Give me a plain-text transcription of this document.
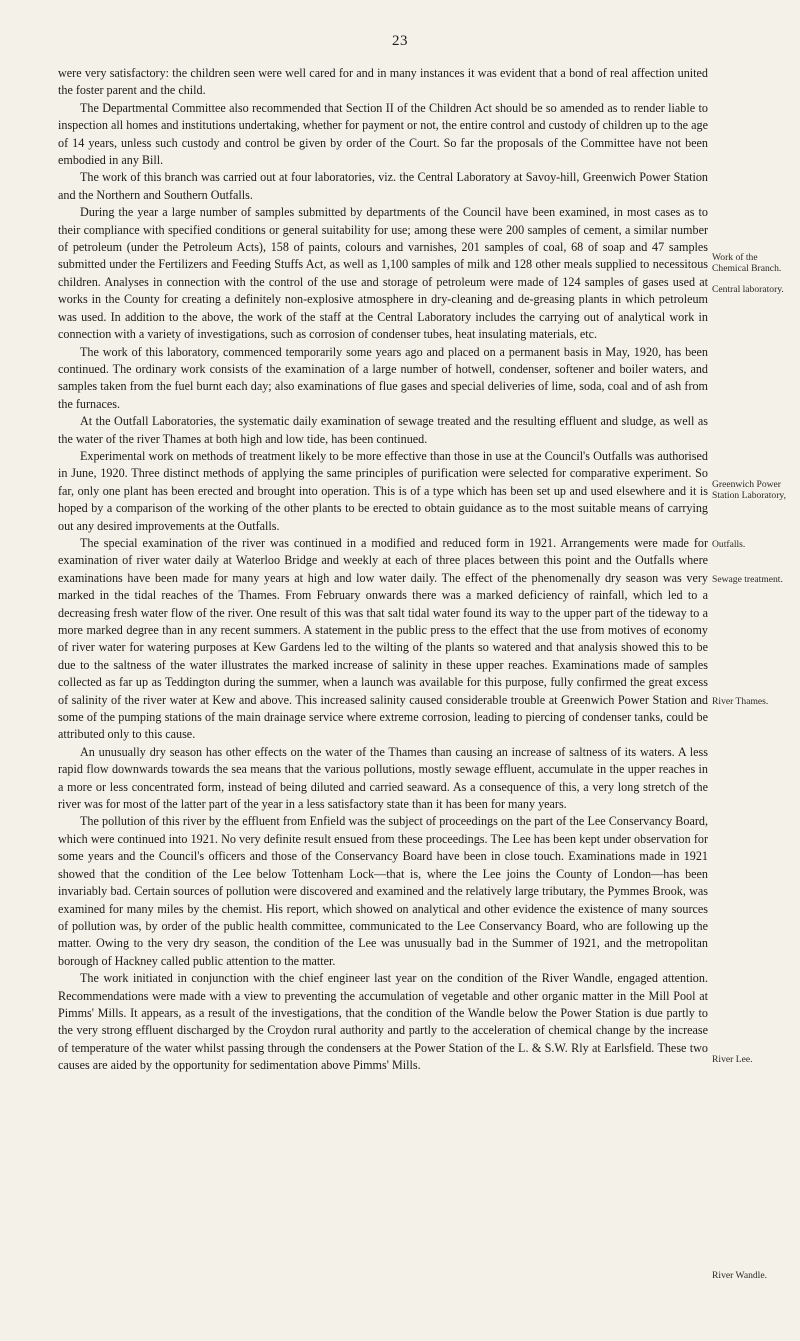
23

were very satisfactory: the children seen were well cared for and in many instances it was evident that a bond of real affection united the foster parent and the child.

The Departmental Committee also recommended that Section II of the Children Act should be so amended as to render liable to inspection all homes and institutions undertaking, whether for payment or not, the entire control and custody of children up to the age of 14 years, unless such custody and control be given by order of the Court. So far the proposals of the Committee have not been embodied in any Bill.

The work of this branch was carried out at four laboratories, viz. the Central Laboratory at Savoy-hill, Greenwich Power Station and the Northern and Southern Outfalls.

During the year a large number of samples submitted by departments of the Council have been examined, in most cases as to their compliance with specified conditions or general suitability for use; among these were 200 samples of cement, a similar number of petroleum (under the Petroleum Acts), 158 of paints, colours and varnishes, 201 samples of coal, 68 of soap and 47 samples submitted under the Fertilizers and Feeding Stuffs Act, as well as 1,100 samples of milk and 128 other meals supplied to necessitous children. Analyses in connection with the control of the use and storage of petroleum were made of 124 samples of gases used at works in the County for creating a definitely non-explosive atmosphere in dry-cleaning and de-greasing plants in which petroleum was used. In addition to the above, the work of the staff at the Central Laboratory includes the carrying out of analytical work in connection with a variety of investigations, such as corrosion of condenser tubes, heat insulating materials, etc.

The work of this laboratory, commenced temporarily some years ago and placed on a permanent basis in May, 1920, has been continued. The ordinary work consists of the examination of a large number of hotwell, condenser, softener and boiler waters, and samples taken from the fuel burnt each day; also examinations of flue gases and special deliveries of lime, soda, coal and of ash from the furnaces.

At the Outfall Laboratories, the systematic daily examination of sewage treated and the resulting effluent and sludge, as well as the water of the river Thames at both high and low tide, has been continued.

Experimental work on methods of treatment likely to be more effective than those in use at the Council's Outfalls was authorised in June, 1920. Three distinct methods of applying the same principles of purification were selected for comparative experiment. So far, only one plant has been erected and brought into operation. This is of a type which has been set up and used elsewhere and it is hoped by a comparison of the working of the other plants to be erected to obtain guidance as to the most suitable means of carrying out any desired improvements at the Outfalls.

The special examination of the river was continued in a modified and reduced form in 1921. Arrangements were made for examination of river water daily at Waterloo Bridge and weekly at each of three places between this point and the Outfalls where examinations have been made for many years at high and low water daily. The effect of the phenomenally dry season was very marked in the tidal reaches of the Thames. From February onwards there was a marked deficiency of rainfall, which led to a decreasing fresh water flow of the river. One result of this was that salt tidal water found its way to the upper part of the tideway to a more marked degree than in any recent summers. A statement in the public press to the effect that the use from motives of economy of river water for watering purposes at Kew Gardens led to the wilting of the plants so watered and that analysis showed this to be due to the saltness of the water illustrates the marked increase of salinity in these upper reaches. Examinations made of samples collected as far up as Teddington during the summer, when a launch was available for this purpose, fully confirmed the great excess of salinity of the river water at Kew and above. This increased salinity caused considerable trouble at Greenwich Power Station and some of the pumping stations of the main drainage service where extreme corrosion, leading to piercing of condenser tanks, could be attributed only to this cause.

An unusually dry season has other effects on the water of the Thames than causing an increase of saltness of its waters. A less rapid flow downwards towards the sea means that the various pollutions, mostly sewage effluent, accumulate in the upper reaches in a more or less concentrated form, instead of being diluted and carried seaward. As a consequence of this, a very long stretch of the river was for most of the latter part of the year in a less satisfactory state than it has been for many years.

The pollution of this river by the effluent from Enfield was the subject of proceedings on the part of the Lee Conservancy Board, which were continued into 1921. No very definite result ensued from these proceedings. The Lee has been kept under observation for some years and the Council's officers and those of the Conservancy Board have been in close touch. Examinations made in 1921 showed that the condition of the Lee below Tottenham Lock—that is, where the Lee joins the County of London—has been invariably bad. Certain sources of pollution were discovered and examined and the relatively large tributary, the Pymmes Brook, was examined for many miles by the chemist. His report, which showed on analytical and other evidence the existence of many sources of pollution was, by order of the public health committee, communicated to the Lee Conservancy Board, who are following up the matter. Owing to the very dry season, the condition of the Lee was unusually bad in the Summer of 1921, and the metropolitan borough of Hackney called public attention to the matter.

The work initiated in conjunction with the chief engineer last year on the condition of the River Wandle, engaged attention. Recommendations were made with a view to preventing the accumulation of vegetable and other organic matter in the Mill Pool at Pimms' Mills. It appears, as a result of the investigations, that the condition of the Wandle below the Power Station is due partly to the very strong effluent discharged by the Croydon rural authority and partly to the acceleration of chemical change by the increase of temperature of the water whilst passing through the condensers at the Power Station of the L. & S.W. Rly at Earlsfield. These two causes are aided by the opportunity for sedimentation above Pimms' Mills.

Work of the Chemical Branch.
Central laboratory.
Greenwich Power Station Laboratory,
Outfalls.
Sewage treatment.
River Thames.
River Lee.
River Wandle.
